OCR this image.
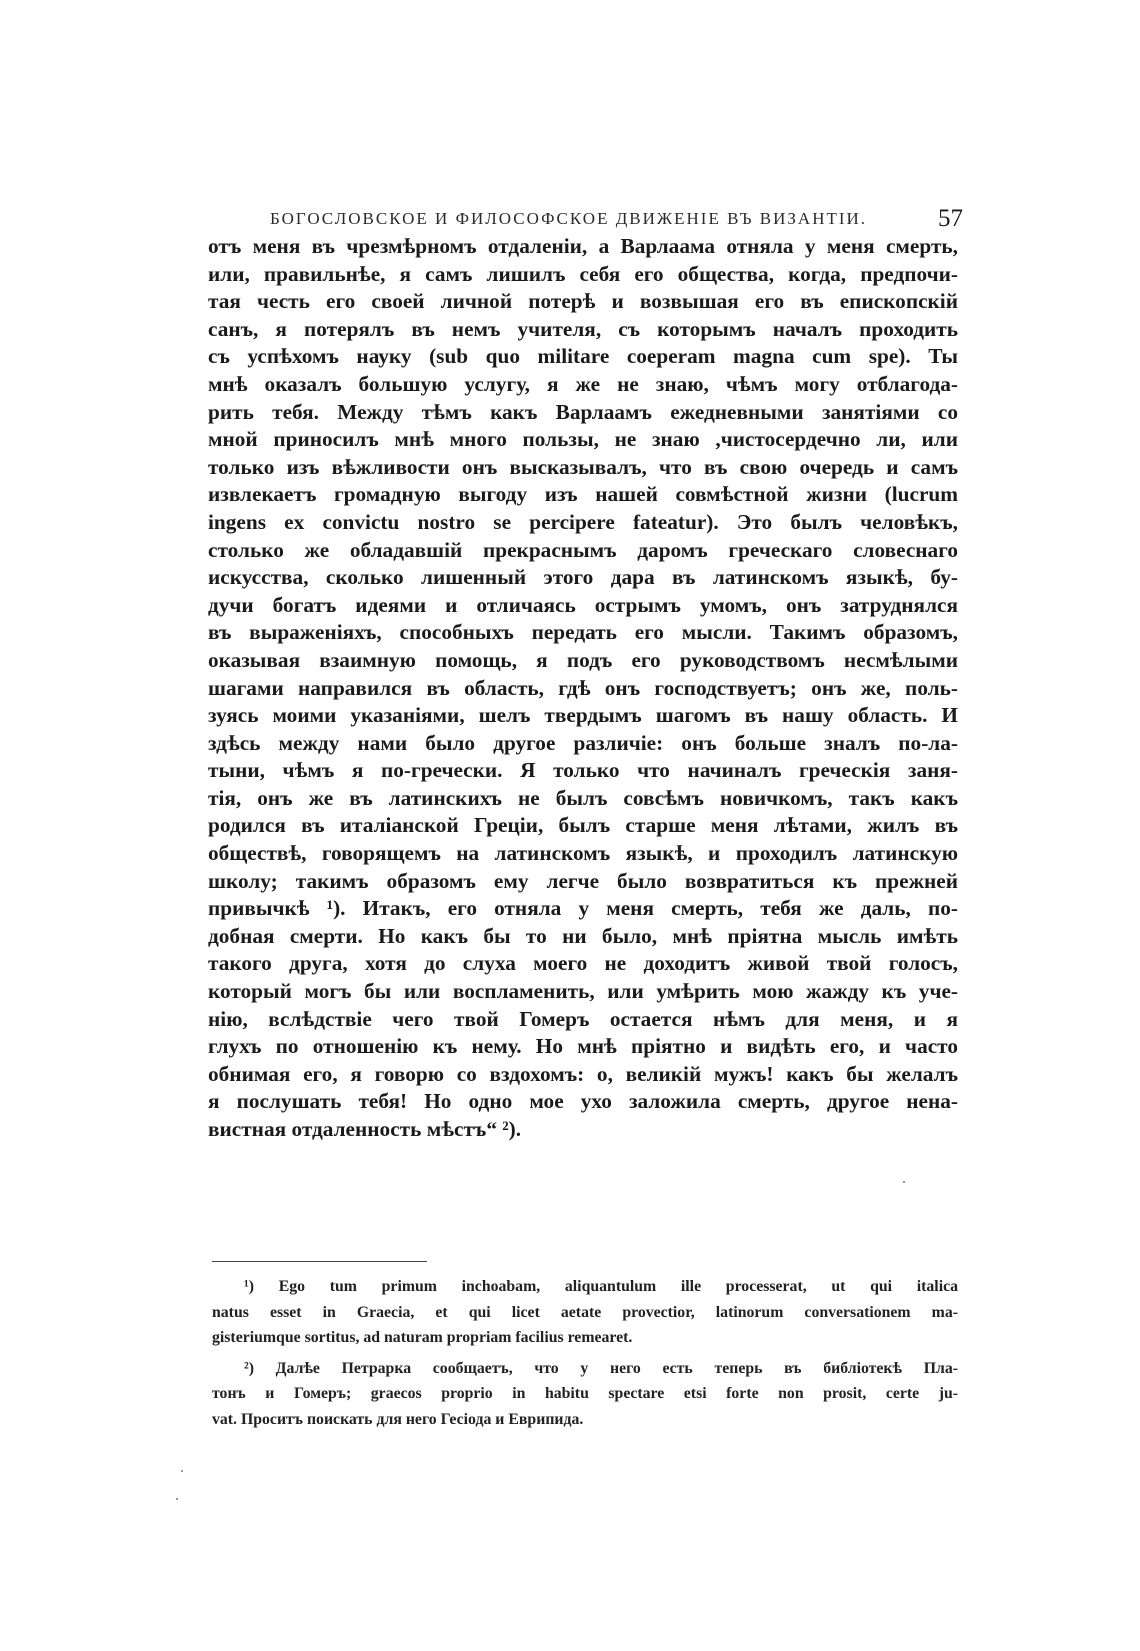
БОГОСЛОВСКОЕ И ФИЛОСОФСКОЕ ДВИЖЕНІЕ ВЪ ВИЗАНТІИ.	57
отъ меня въ чрезмѣрномъ отдаленіи, а Варлаама отняла у меня смерть,
или, правильнѣе, я самъ лишилъ себя его общества, когда, предпочи-
тая честь его своей личной потерѣ и возвышая его въ епископскій
санъ, я потерялъ въ немъ учителя, съ которымъ началъ проходить
съ успѣхомъ науку (sub quo militare coeperam magna cum spe). Ты
мнѣ оказалъ большую услугу, я же не знаю, чѣмъ могу отблагода-
рить тебя. Между тѣмъ какъ Варлаамъ ежедневными занятіями со
мной приносилъ мнѣ много пользы, не знаю ,чистосердечно ли, или
только изъ вѣжливости онъ высказывалъ, что въ свою очередь и самъ
извлекаетъ громадную выгоду изъ нашей совмѣстной жизни (lucrum
ingens ex convictu nostro se percipere fateatur). Это былъ человѣкъ,
столько же обладавшій прекраснымъ даромъ греческаго словеснаго
искусства, сколько лишенный этого дара въ латинскомъ языкѣ, бу-
дучи богатъ идеями и отличаясь острымъ умомъ, онъ затруднялся
въ выраженіяхъ, способныхъ передать его мысли. Такимъ образомъ,
оказывая взаимную помощь, я подъ его руководствомъ несмѣлыми
шагами направился въ область, гдѣ онъ господствуетъ; онъ же, поль-
зуясь моими указаніями, шелъ твердымъ шагомъ въ нашу область. И
здѣсь между нами было другое различіе: онъ больше зналъ по-ла-
тыни, чѣмъ я по-гречески. Я только что начиналъ греческія заня-
тія, онъ же въ латинскихъ не былъ совсѣмъ новичкомъ, такъ какъ
родился въ италіанской Греціи, былъ старше меня лѣтами, жилъ въ
обществѣ, говорящемъ на латинскомъ языкѣ, и проходилъ латинскую
школу; такимъ образомъ ему легче было возвратиться къ прежней
привычкѣ ¹). Итакъ, его отняла у меня смерть, тебя же даль, по-
добная смерти. Но какъ бы то ни было, мнѣ пріятна мысль имѣть
такого друга, хотя до слуха моего не доходитъ живой твой голосъ,
который могъ бы или воспламенить, или умѣрить мою жажду къ уче-
нію, вслѣдствіе чего твой Гомеръ остается нѣмъ для меня, и я
глухъ по отношенію къ нему. Но мнѣ пріятно и видѣть его, и часто
обнимая его, я говорю со вздохомъ: о, великій мужъ! какъ бы желалъ
я послушать тебя! Но одно мое ухо заложила смерть, другое нена-
вистная отдаленность мѣстъ“ ²).
¹) Ego tum primum inchoabam, aliquantulum ille processerat, ut qui italica
natus esset in Graecia, et qui licet aetate provectior, latinorum conversationem ma-
gisteriumque sortitus, ad naturam propriam facilius remearet.
²) Далѣе Петрарка сообщаетъ, что у него есть теперь въ библіотекѣ Пла-
тонъ и Гомеръ; graecos proprio in habitu spectare etsi forte non prosit, certe ju-
vat. Проситъ поискать для него Гесіода и Еврипида.
